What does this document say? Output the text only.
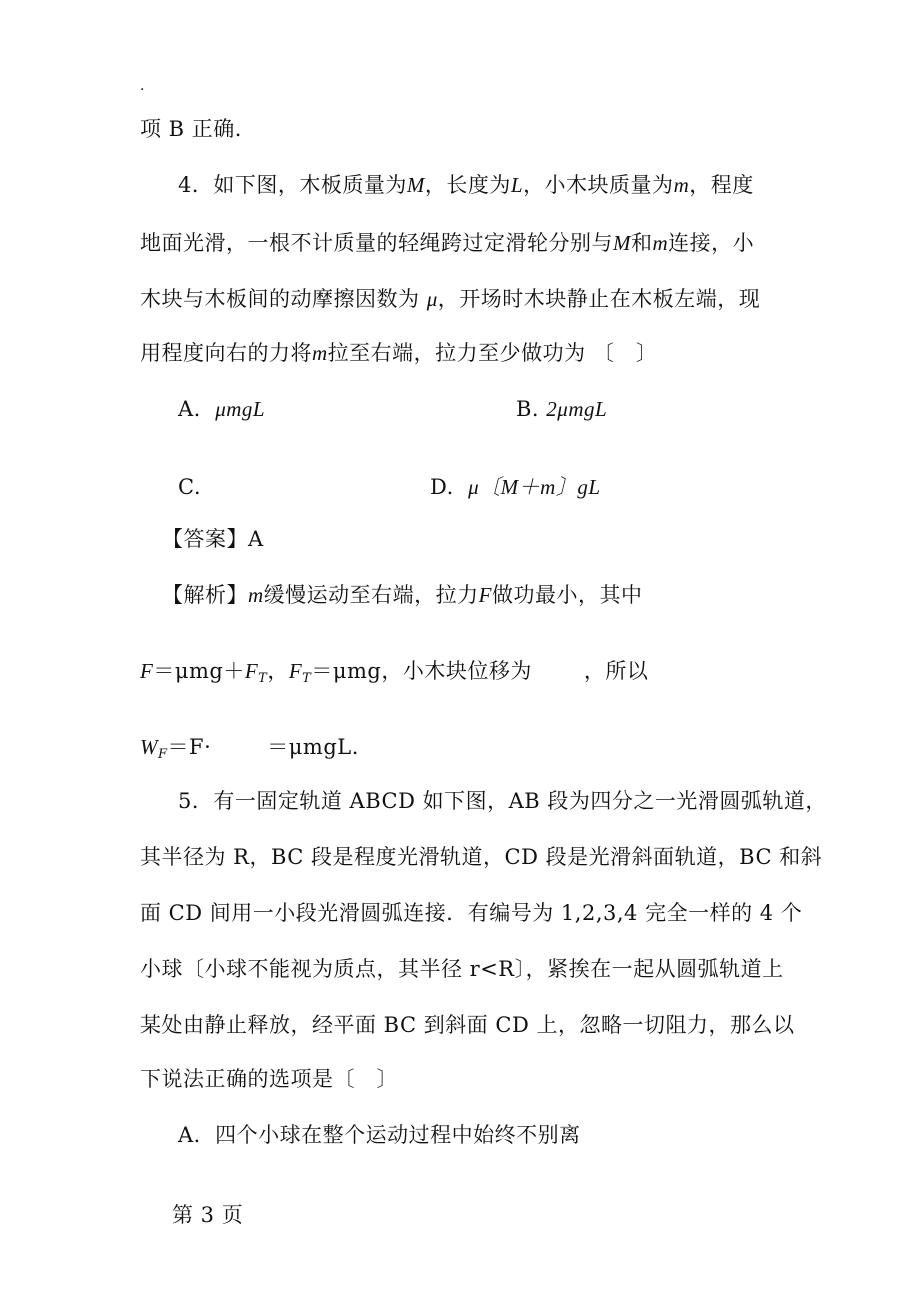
·
项 B 正确.
4．如下图，木板质量为M，长度为L，小木块质量为m，程度
地面光滑，一根不计质量的轻绳跨过定滑轮分别与M和m连接，小
木块与木板间的动摩擦因数为 μ，开场时木块静止在木板左端，现
用程度向右的力将m拉至右端，拉力至少做功为 〔　〕
A. μmgL	B. 2μmgL
C.	D. μ〔M＋m〕gL
【答案】A
【解析】m缓慢运动至右端，拉力F做功最小，其中
$F=\mu mg+F_T$，$F_T=\mu mg$，小木块位移为 ，所以
$W_F=F\cdot$	＝μmgL.
5．有一固定轨道 ABCD 如下图，AB 段为四分之一光滑圆弧轨道，
其半径为 R，BC 段是程度光滑轨道，CD 段是光滑斜面轨道，BC 和斜
面 CD 间用一小段光滑圆弧连接．有编号为 1,2,3,4 完全一样的 4 个
小球〔小球不能视为质点，其半径 r<R〕，紧挨在一起从圆弧轨道上
某处由静止释放，经平面 BC 到斜面 CD 上，忽略一切阻力，那么以
下说法正确的选项是〔　〕
A．四个小球在整个运动过程中始终不别离
第 3 页
